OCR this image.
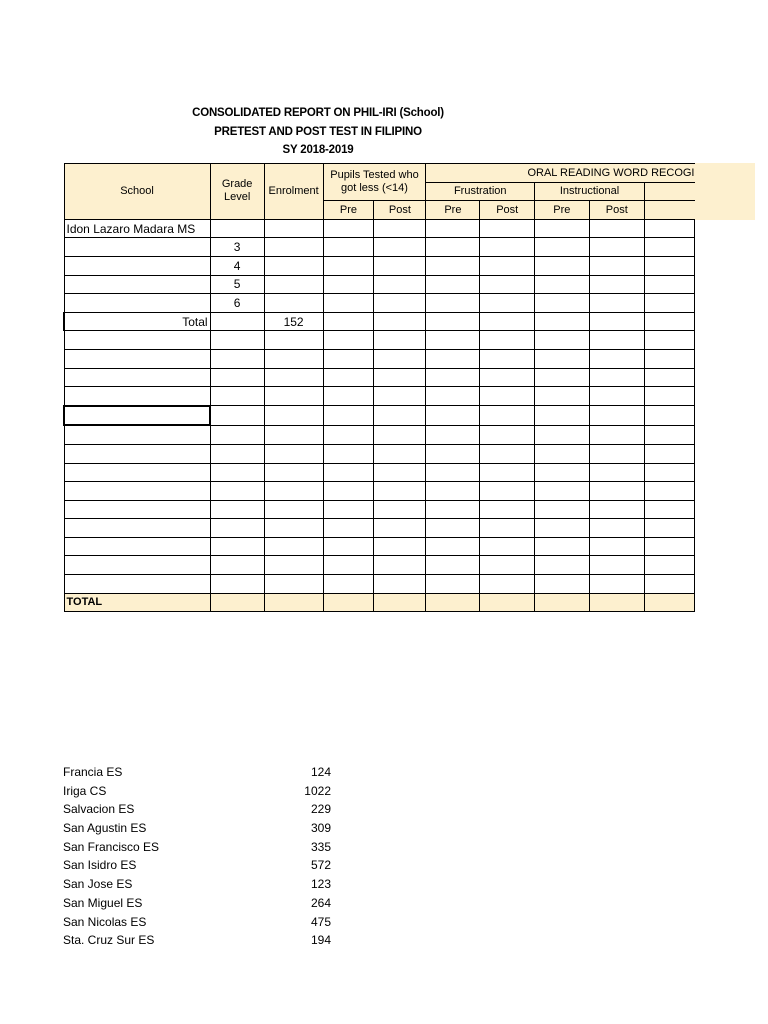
CONSOLIDATED REPORT ON PHIL-IRI (School)
PRETEST AND POST TEST IN FILIPINO
SY 2018-2019
School	Grade Level	Enrolment	Pupils Tested who got less (<14)		ORAL READING WORD RECOGI				
					Frustration		Instructional		
			Pre	Post	Pre	Post	Pre	Post	
Idon Lazaro Madara MS									
	3								
	4								
	5								
	6								
Total		152							

TOTAL									
Francia ES	124
Iriga CS	1022
Salvacion ES	229
San Agustin ES	309
San Francisco ES	335
San Isidro ES	572
San Jose ES	123
San Miguel ES	264
San Nicolas ES	475
Sta. Cruz Sur ES	194
